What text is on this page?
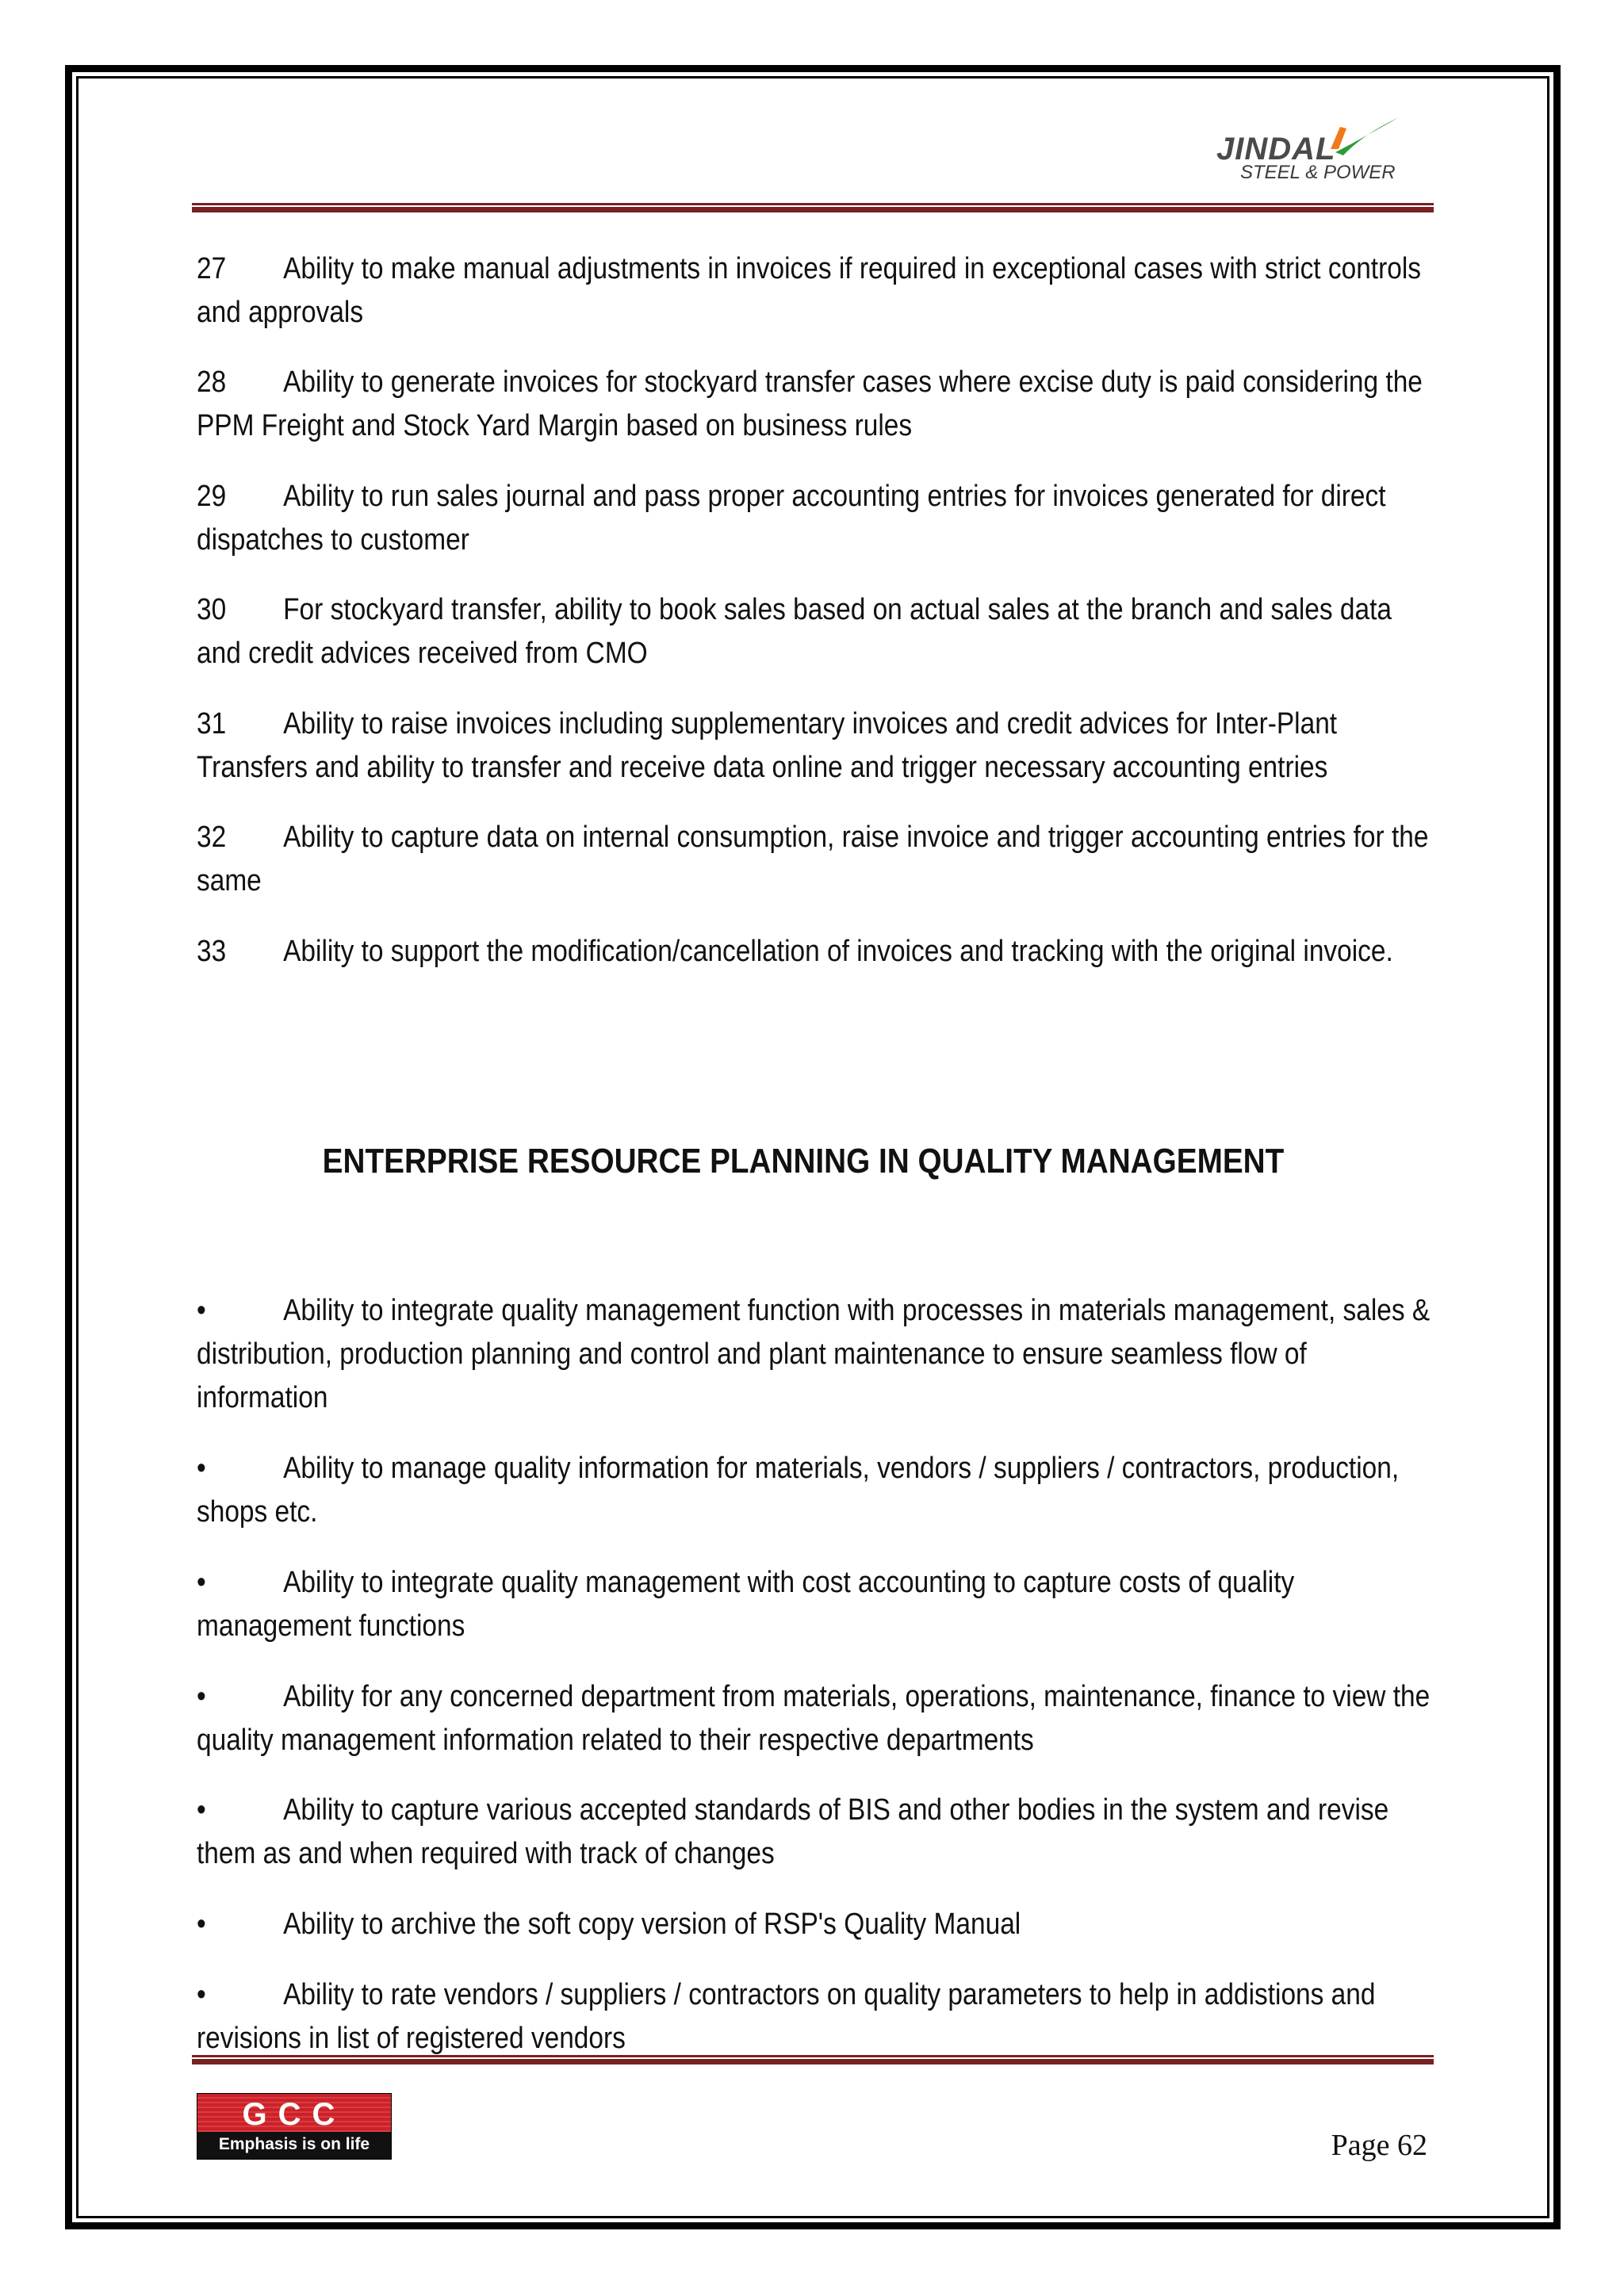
JINDAL
STEEL & POWER
27 Ability to make manual adjustments in invoices if required in exceptional cases with strict controls and approvals
28 Ability to generate invoices for stockyard transfer cases where excise duty is paid considering the PPM Freight and Stock Yard Margin based on business rules
29 Ability to run sales journal and pass proper accounting entries for invoices generated for direct dispatches to customer
30 For stockyard transfer, ability to book sales based on actual sales at the branch and sales data and credit advices received from CMO
31 Ability to raise invoices including supplementary invoices and credit advices for Inter-Plant Transfers and ability to transfer and receive data online and trigger necessary accounting entries
32 Ability to capture data on internal consumption, raise invoice and trigger accounting entries for the same
33 Ability to support the modification/cancellation of invoices and tracking with the original invoice.
ENTERPRISE RESOURCE PLANNING IN QUALITY MANAGEMENT
•	Ability to integrate quality management function with processes in materials management, sales & distribution, production planning and control and plant maintenance to ensure seamless flow of information
•	Ability to manage quality information for materials, vendors / suppliers / contractors, production, shops etc.
•	Ability to integrate quality management with cost accounting to capture costs of quality management functions
•	Ability for any concerned department from materials, operations, maintenance, finance to view the quality management information related to their respective departments
•	Ability to capture various accepted standards of BIS and other bodies in the system and revise them as and when required with track of changes
•	Ability to archive the soft copy version of RSP's Quality Manual
•	Ability to rate vendors / suppliers / contractors on quality parameters to help in addistions and revisions in list of registered vendors
GCC
Emphasis is on life	Page 62
